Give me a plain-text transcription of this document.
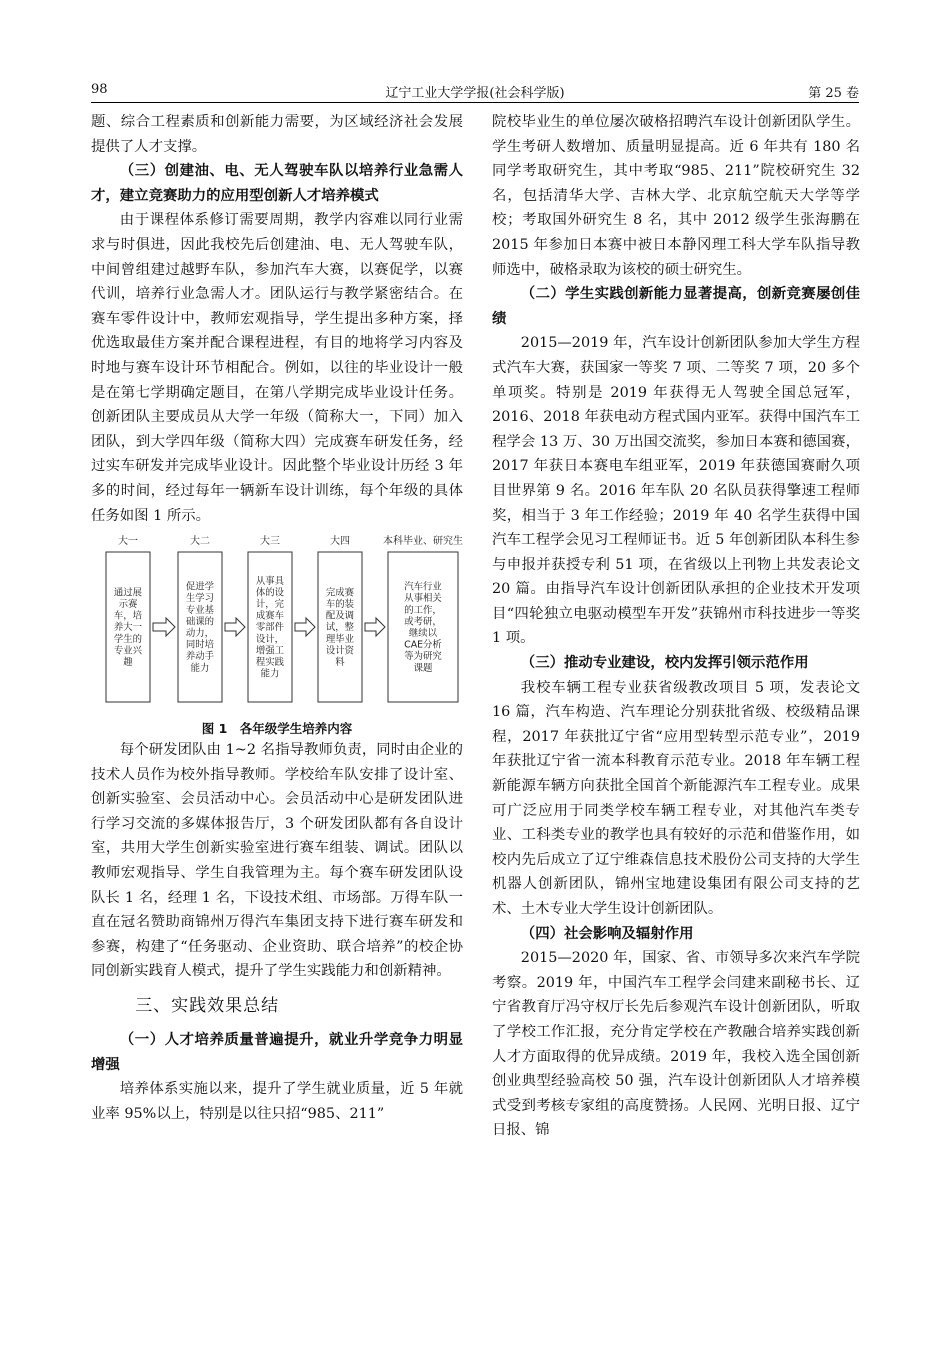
98	辽宁工业大学学报(社会科学版)	第 25 卷

题、综合工程素质和创新能力需要，为区域经济社会发展提供了人才支撑。

（三）创建油、电、无人驾驶车队以培养行业急需人才，建立竞赛助力的应用型创新人才培养模式

由于课程体系修订需要周期，教学内容难以同行业需求与时俱进，因此我校先后创建油、电、无人驾驶车队，中间曾组建过越野车队，参加汽车大赛，以赛促学，以赛代训，培养行业急需人才。团队运行与教学紧密结合。在赛车零件设计中，教师宏观指导，学生提出多种方案，择优选取最佳方案并配合课程进程，有目的地将学习内容及时地与赛车设计环节相配合。例如，以往的毕业设计一般是在第七学期确定题目，在第八学期完成毕业设计任务。创新团队主要成员从大学一年级（简称大一，下同）加入团队，到大学四年级（简称大四）完成赛车研发任务，经过实车研发并完成毕业设计。因此整个毕业设计历经 3 年多的时间，经过每年一辆新车设计训练，每个年级的具体任务如图 1 所示。

大一	大二	大三	大四	本科毕业、研究生
通过展
示赛
车，培
养大一
学生的
专业兴
趣
促进学
生学习
专业基
础课的
动力，
同时培
养动手
能力
从事具
体的设
计，完
成赛车
零部件
设计，
增强工
程实践
能力
完成赛
车的装
配及调
试，整
理毕业
设计资
料
汽车行业
从事相关
的工作，
或考研，
继续以
CAE分析
等为研究
课题
图 1　各年级学生培养内容

每个研发团队由 1~2 名指导教师负责，同时由企业的技术人员作为校外指导教师。学校给车队安排了设计室、创新实验室、会员活动中心。会员活动中心是研发团队进行学习交流的多媒体报告厅，3 个研发团队都有各自设计室，共用大学生创新实验室进行赛车组装、调试。团队以教师宏观指导、学生自我管理为主。每个赛车研发团队设队长 1 名，经理 1 名，下设技术组、市场部。万得车队一直在冠名赞助商锦州万得汽车集团支持下进行赛车研发和参赛，构建了“任务驱动、企业资助、联合培养”的校企协同创新实践育人模式，提升了学生实践能力和创新精神。

三、实践效果总结
（一）人才培养质量普遍提升，就业升学竞争力明显增强

培养体系实施以来，提升了学生就业质量，近 5 年就业率 95%以上，特别是以往只招“985、211”

院校毕业生的单位屡次破格招聘汽车设计创新团队学生。学生考研人数增加、质量明显提高。近 6 年共有 180 名同学考取研究生，其中考取“985、211”院校研究生 32 名，包括清华大学、吉林大学、北京航空航天大学等学校；考取国外研究生 8 名，其中 2012 级学生张海鹏在 2015 年参加日本赛中被日本静冈理工科大学车队指导教师选中，破格录取为该校的硕士研究生。

（二）学生实践创新能力显著提高，创新竞赛屡创佳绩

2015—2019 年，汽车设计创新团队参加大学生方程式汽车大赛，获国家一等奖 7 项、二等奖 7 项，20 多个单项奖。特别是 2019 年获得无人驾驶全国总冠军，2016、2018 年获电动方程式国内亚军。获得中国汽车工程学会 13 万、30 万出国交流奖，参加日本赛和德国赛，2017 年获日本赛电车组亚军，2019 年获德国赛耐久项目世界第 9 名。2016 年车队 20 名队员获得擎速工程师奖，相当于 3 年工作经验；2019 年 40 名学生获得中国汽车工程学会见习工程师证书。近 5 年创新团队本科生参与申报并获授专利 51 项，在省级以上刊物上共发表论文 20 篇。由指导汽车设计创新团队承担的企业技术开发项目“四轮独立电驱动模型车开发”获锦州市科技进步一等奖 1 项。

（三）推动专业建设，校内发挥引领示范作用

我校车辆工程专业获省级教改项目 5 项，发表论文 16 篇，汽车构造、汽车理论分别获批省级、校级精品课程，2017 年获批辽宁省“应用型转型示范专业”，2019 年获批辽宁省一流本科教育示范专业。2018 年车辆工程新能源车辆方向获批全国首个新能源汽车工程专业。成果可广泛应用于同类学校车辆工程专业，对其他汽车类专业、工科类专业的教学也具有较好的示范和借鉴作用，如校内先后成立了辽宁维森信息技术股份公司支持的大学生机器人创新团队，锦州宝地建设集团有限公司支持的艺术、土木专业大学生设计创新团队。

（四）社会影响及辐射作用

2015—2020 年，国家、省、市领导多次来汽车学院考察。2019 年，中国汽车工程学会闫建来副秘书长、辽宁省教育厅冯守权厅长先后参观汽车设计创新团队，听取了学校工作汇报，充分肯定学校在产教融合培养实践创新人才方面取得的优异成绩。2019 年，我校入选全国创新创业典型经验高校 50 强，汽车设计创新团队人才培养模式受到考核专家组的高度赞扬。人民网、光明日报、辽宁日报、锦
